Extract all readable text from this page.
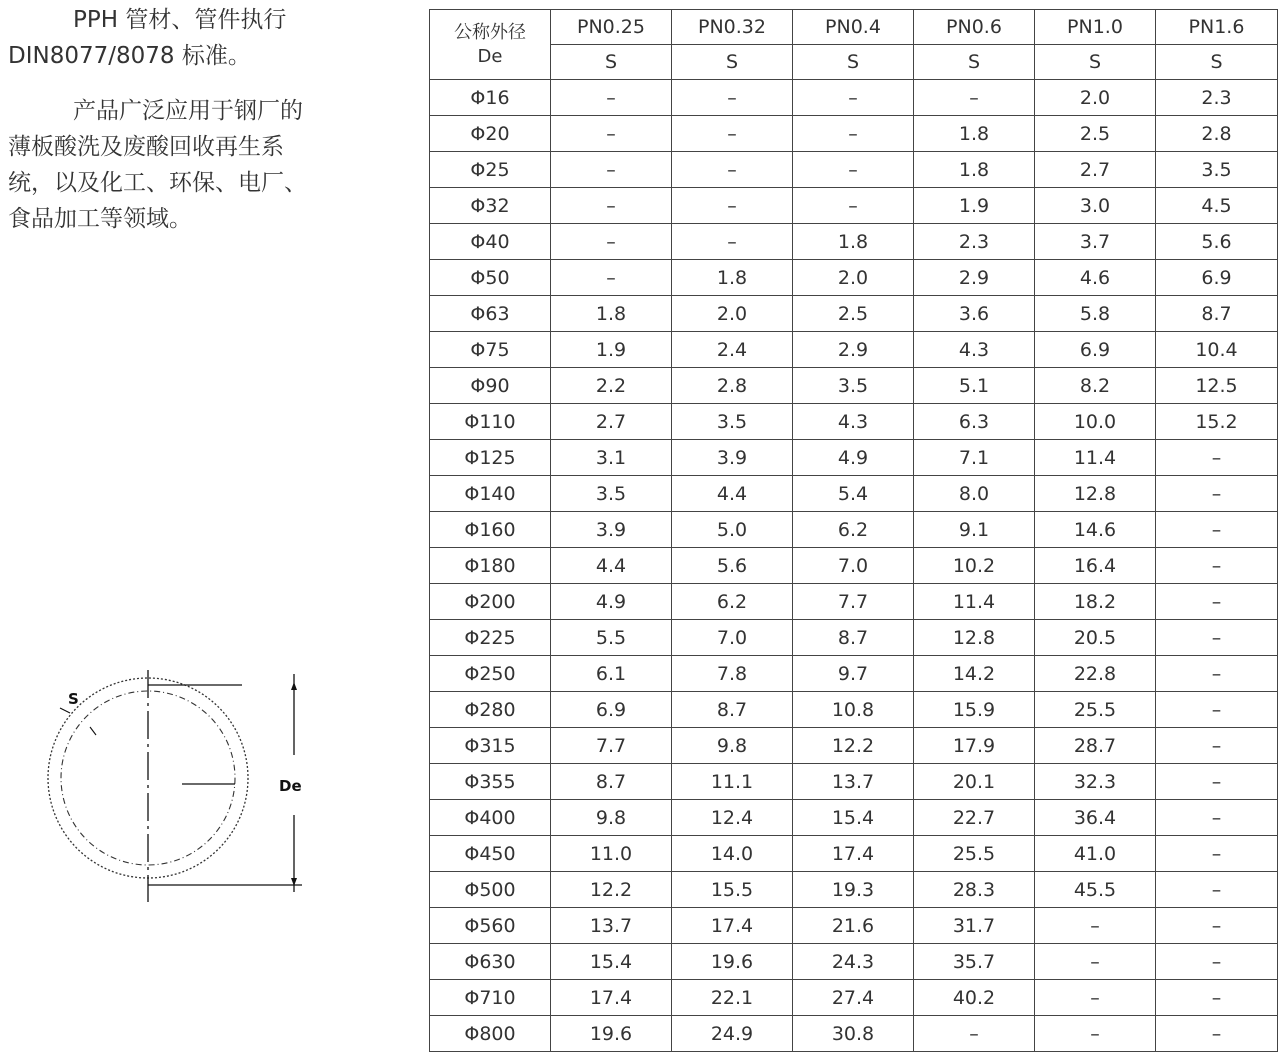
PPH 管材、管件执行

DIN8077/8078 标准。

产品广泛应用于钢厂的

薄板酸洗及废酸回收再生系
统，以及化工、环保、电厂、
食品加工等领域。

S
De
公称外径
De	PN0.25	PN0.32	PN0.4	PN0.6	PN1.0	PN1.6
	S	S	S	S	S	S
Φ16	–	–	–	–	2.0	2.3
Φ20	–	–	–	1.8	2.5	2.8
Φ25	–	–	–	1.8	2.7	3.5
Φ32	–	–	–	1.9	3.0	4.5
Φ40	–	–	1.8	2.3	3.7	5.6
Φ50	–	1.8	2.0	2.9	4.6	6.9
Φ63	1.8	2.0	2.5	3.6	5.8	8.7
Φ75	1.9	2.4	2.9	4.3	6.9	10.4
Φ90	2.2	2.8	3.5	5.1	8.2	12.5
Φ110	2.7	3.5	4.3	6.3	10.0	15.2
Φ125	3.1	3.9	4.9	7.1	11.4	–
Φ140	3.5	4.4	5.4	8.0	12.8	–
Φ160	3.9	5.0	6.2	9.1	14.6	–
Φ180	4.4	5.6	7.0	10.2	16.4	–
Φ200	4.9	6.2	7.7	11.4	18.2	–
Φ225	5.5	7.0	8.7	12.8	20.5	–
Φ250	6.1	7.8	9.7	14.2	22.8	–
Φ280	6.9	8.7	10.8	15.9	25.5	–
Φ315	7.7	9.8	12.2	17.9	28.7	–
Φ355	8.7	11.1	13.7	20.1	32.3	–
Φ400	9.8	12.4	15.4	22.7	36.4	–
Φ450	11.0	14.0	17.4	25.5	41.0	–
Φ500	12.2	15.5	19.3	28.3	45.5	–
Φ560	13.7	17.4	21.6	31.7	–	–
Φ630	15.4	19.6	24.3	35.7	–	–
Φ710	17.4	22.1	27.4	40.2	–	–
Φ800	19.6	24.9	30.8	–	–	–
